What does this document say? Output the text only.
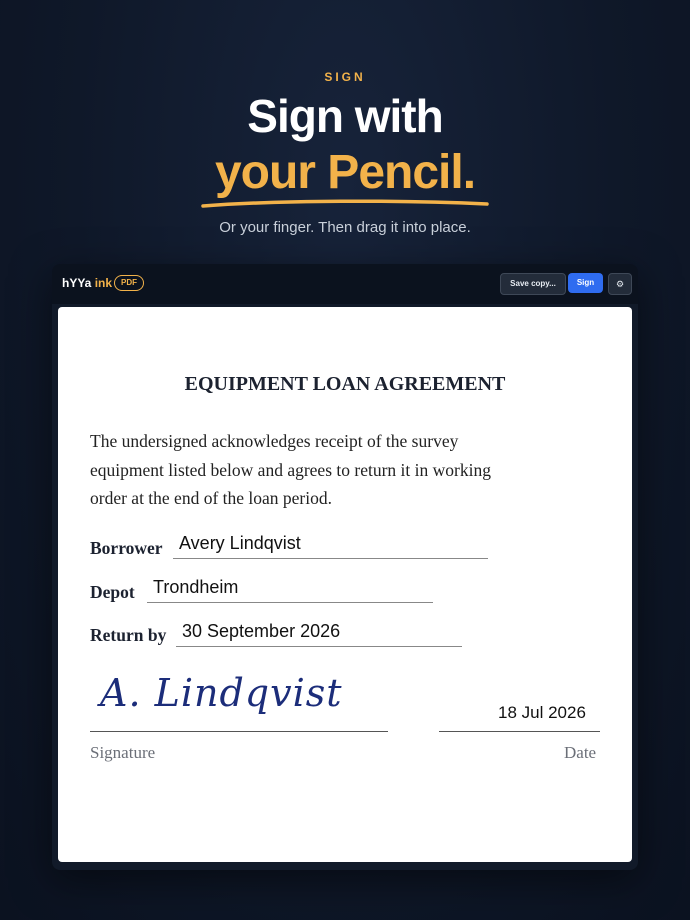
SIGN
Sign with
your Pencil.
Or your finger. Then drag it into place.
hYYa ink	PDF	Save copy...	Sign	⚙
EQUIPMENT LOAN AGREEMENT
The undersigned acknowledges receipt of the survey equipment listed below and agrees to return it in working order at the end of the loan period.
Borrower Avery Lindqvist
Depot	Trondheim
Return by 30 September 2026
A. Lindqvist	18 Jul 2026
Signature	Date
